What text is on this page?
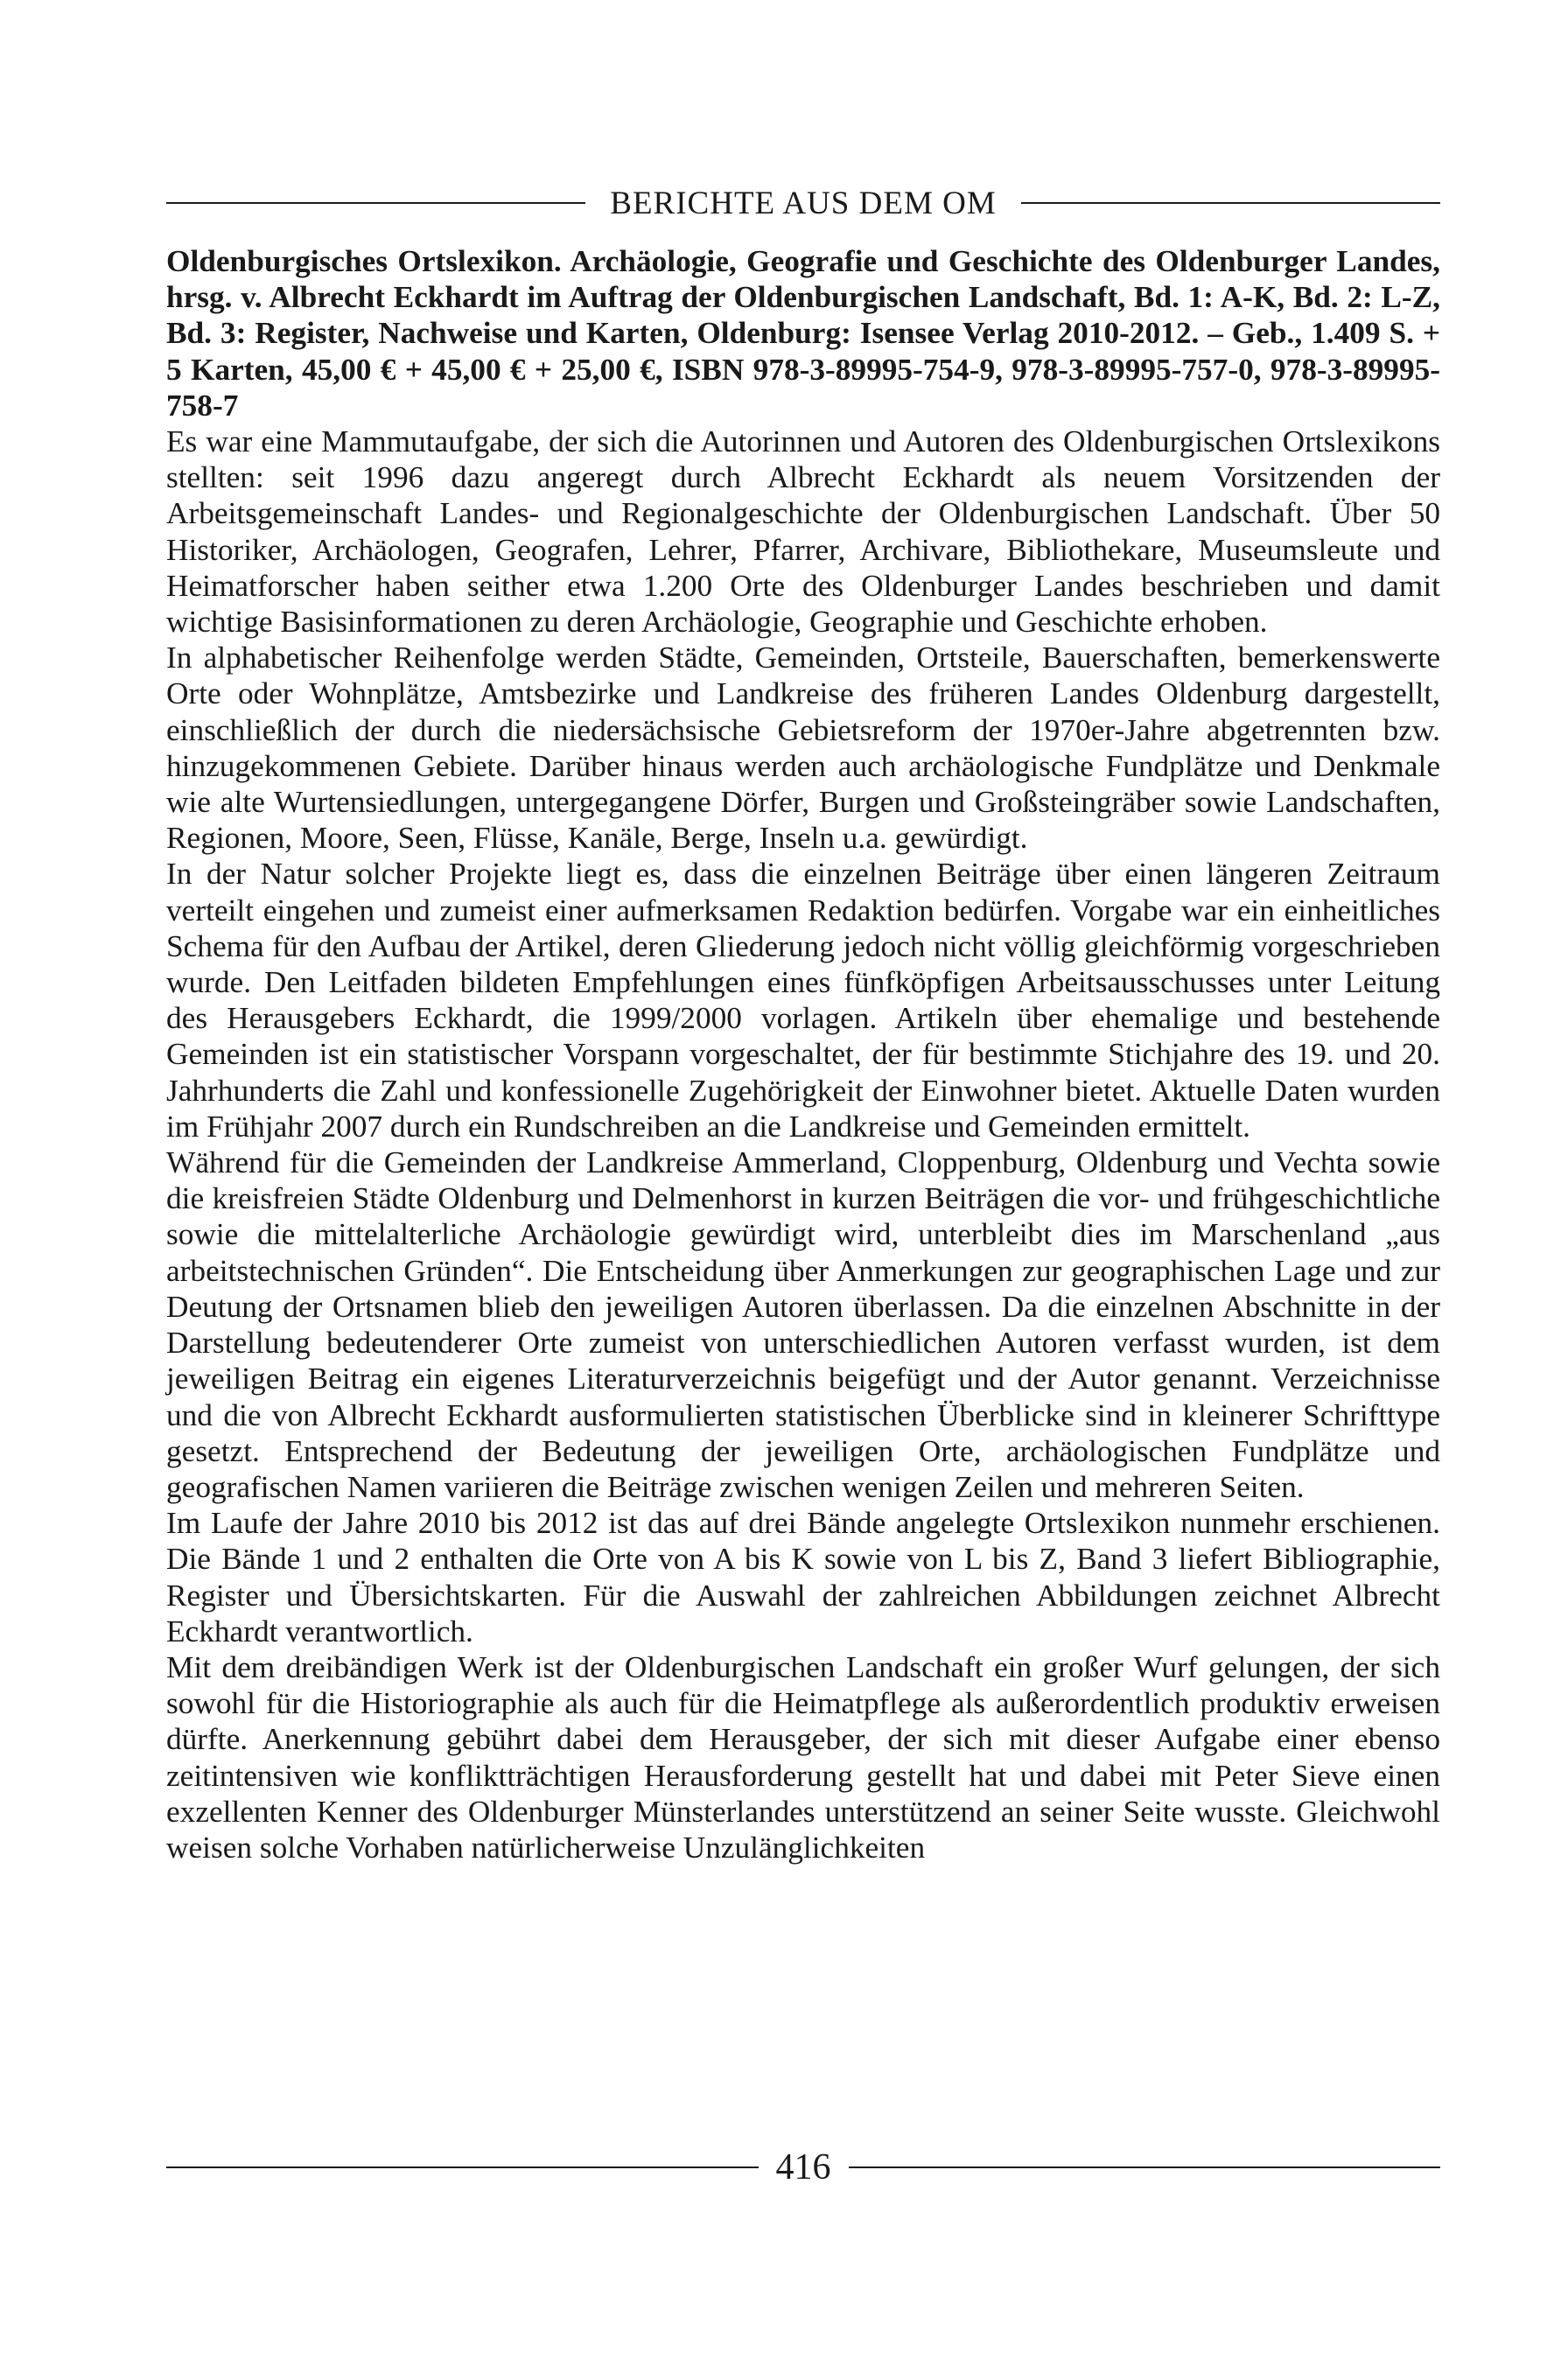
BERICHTE AUS DEM OM

Oldenburgisches Ortslexikon. Archäologie, Geografie und Geschichte des Oldenburger Landes, hrsg. v. Albrecht Eckhardt im Auftrag der Oldenburgischen Landschaft, Bd. 1: A-K, Bd. 2: L-Z, Bd. 3: Register, Nachweise und Karten, Oldenburg: Isensee Verlag 2010-2012. – Geb., 1.409 S. + 5 Karten, 45,00 € + 45,00 € + 25,00 €, ISBN 978-3-89995-754-9, 978-3-89995-757-0, 978-3-89995-758-7

Es war eine Mammutaufgabe, der sich die Autorinnen und Autoren des Oldenburgischen Ortslexikons stellten: seit 1996 dazu angeregt durch Albrecht Eckhardt als neuem Vorsitzenden der Arbeitsgemeinschaft Landes- und Regionalgeschichte der Oldenburgischen Landschaft. Über 50 Historiker, Archäologen, Geografen, Lehrer, Pfarrer, Archivare, Bibliothekare, Museumsleute und Heimatforscher haben seither etwa 1.200 Orte des Oldenburger Landes beschrieben und damit wichtige Basisinformationen zu deren Archäologie, Geographie und Geschichte erhoben.

In alphabetischer Reihenfolge werden Städte, Gemeinden, Ortsteile, Bauerschaften, bemerkenswerte Orte oder Wohnplätze, Amtsbezirke und Landkreise des früheren Landes Oldenburg dargestellt, einschließlich der durch die niedersächsische Gebietsreform der 1970er-Jahre abgetrennten bzw. hinzugekommenen Gebiete. Darüber hinaus werden auch archäologische Fundplätze und Denkmale wie alte Wurtensiedlungen, untergegangene Dörfer, Burgen und Großsteingräber sowie Landschaften, Regionen, Moore, Seen, Flüsse, Kanäle, Berge, Inseln u.a. gewürdigt.

In der Natur solcher Projekte liegt es, dass die einzelnen Beiträge über einen längeren Zeitraum verteilt eingehen und zumeist einer aufmerksamen Redaktion bedürfen. Vorgabe war ein einheitliches Schema für den Aufbau der Artikel, deren Gliederung jedoch nicht völlig gleichförmig vorgeschrieben wurde. Den Leitfaden bildeten Empfehlungen eines fünfköpfigen Arbeitsausschusses unter Leitung des Herausgebers Eckhardt, die 1999/2000 vorlagen. Artikeln über ehemalige und bestehende Gemeinden ist ein statistischer Vorspann vorgeschaltet, der für bestimmte Stichjahre des 19. und 20. Jahrhunderts die Zahl und konfessionelle Zugehörigkeit der Einwohner bietet. Aktuelle Daten wurden im Frühjahr 2007 durch ein Rundschreiben an die Landkreise und Gemeinden ermittelt.

Während für die Gemeinden der Landkreise Ammerland, Cloppenburg, Oldenburg und Vechta sowie die kreisfreien Städte Oldenburg und Delmenhorst in kurzen Beiträgen die vor- und frühgeschichtliche sowie die mittelalterliche Archäologie gewürdigt wird, unterbleibt dies im Marschenland „aus arbeitstechnischen Gründen“. Die Entscheidung über Anmerkungen zur geographischen Lage und zur Deutung der Ortsnamen blieb den jeweiligen Autoren überlassen. Da die einzelnen Abschnitte in der Darstellung bedeutenderer Orte zumeist von unterschiedlichen Autoren verfasst wurden, ist dem jeweiligen Beitrag ein eigenes Literaturverzeichnis beigefügt und der Autor genannt. Verzeichnisse und die von Albrecht Eckhardt ausformulierten statistischen Überblicke sind in kleinerer Schrifttype gesetzt. Entsprechend der Bedeutung der jeweiligen Orte, archäologischen Fundplätze und geografischen Namen variieren die Beiträge zwischen wenigen Zeilen und mehreren Seiten.

Im Laufe der Jahre 2010 bis 2012 ist das auf drei Bände angelegte Ortslexikon nunmehr erschienen. Die Bände 1 und 2 enthalten die Orte von A bis K sowie von L bis Z, Band 3 liefert Bibliographie, Register und Übersichtskarten. Für die Auswahl der zahlreichen Abbildungen zeichnet Albrecht Eckhardt verantwortlich.

Mit dem dreibändigen Werk ist der Oldenburgischen Landschaft ein großer Wurf gelungen, der sich sowohl für die Historiographie als auch für die Heimatpflege als außerordentlich produktiv erweisen dürfte. Anerkennung gebührt dabei dem Herausgeber, der sich mit dieser Aufgabe einer ebenso zeitintensiven wie konfliktträchtigen Herausforderung gestellt hat und dabei mit Peter Sieve einen exzellenten Kenner des Oldenburger Münsterlandes unterstützend an seiner Seite wusste. Gleichwohl weisen solche Vorhaben natürlicherweise Unzulänglichkeiten

416
